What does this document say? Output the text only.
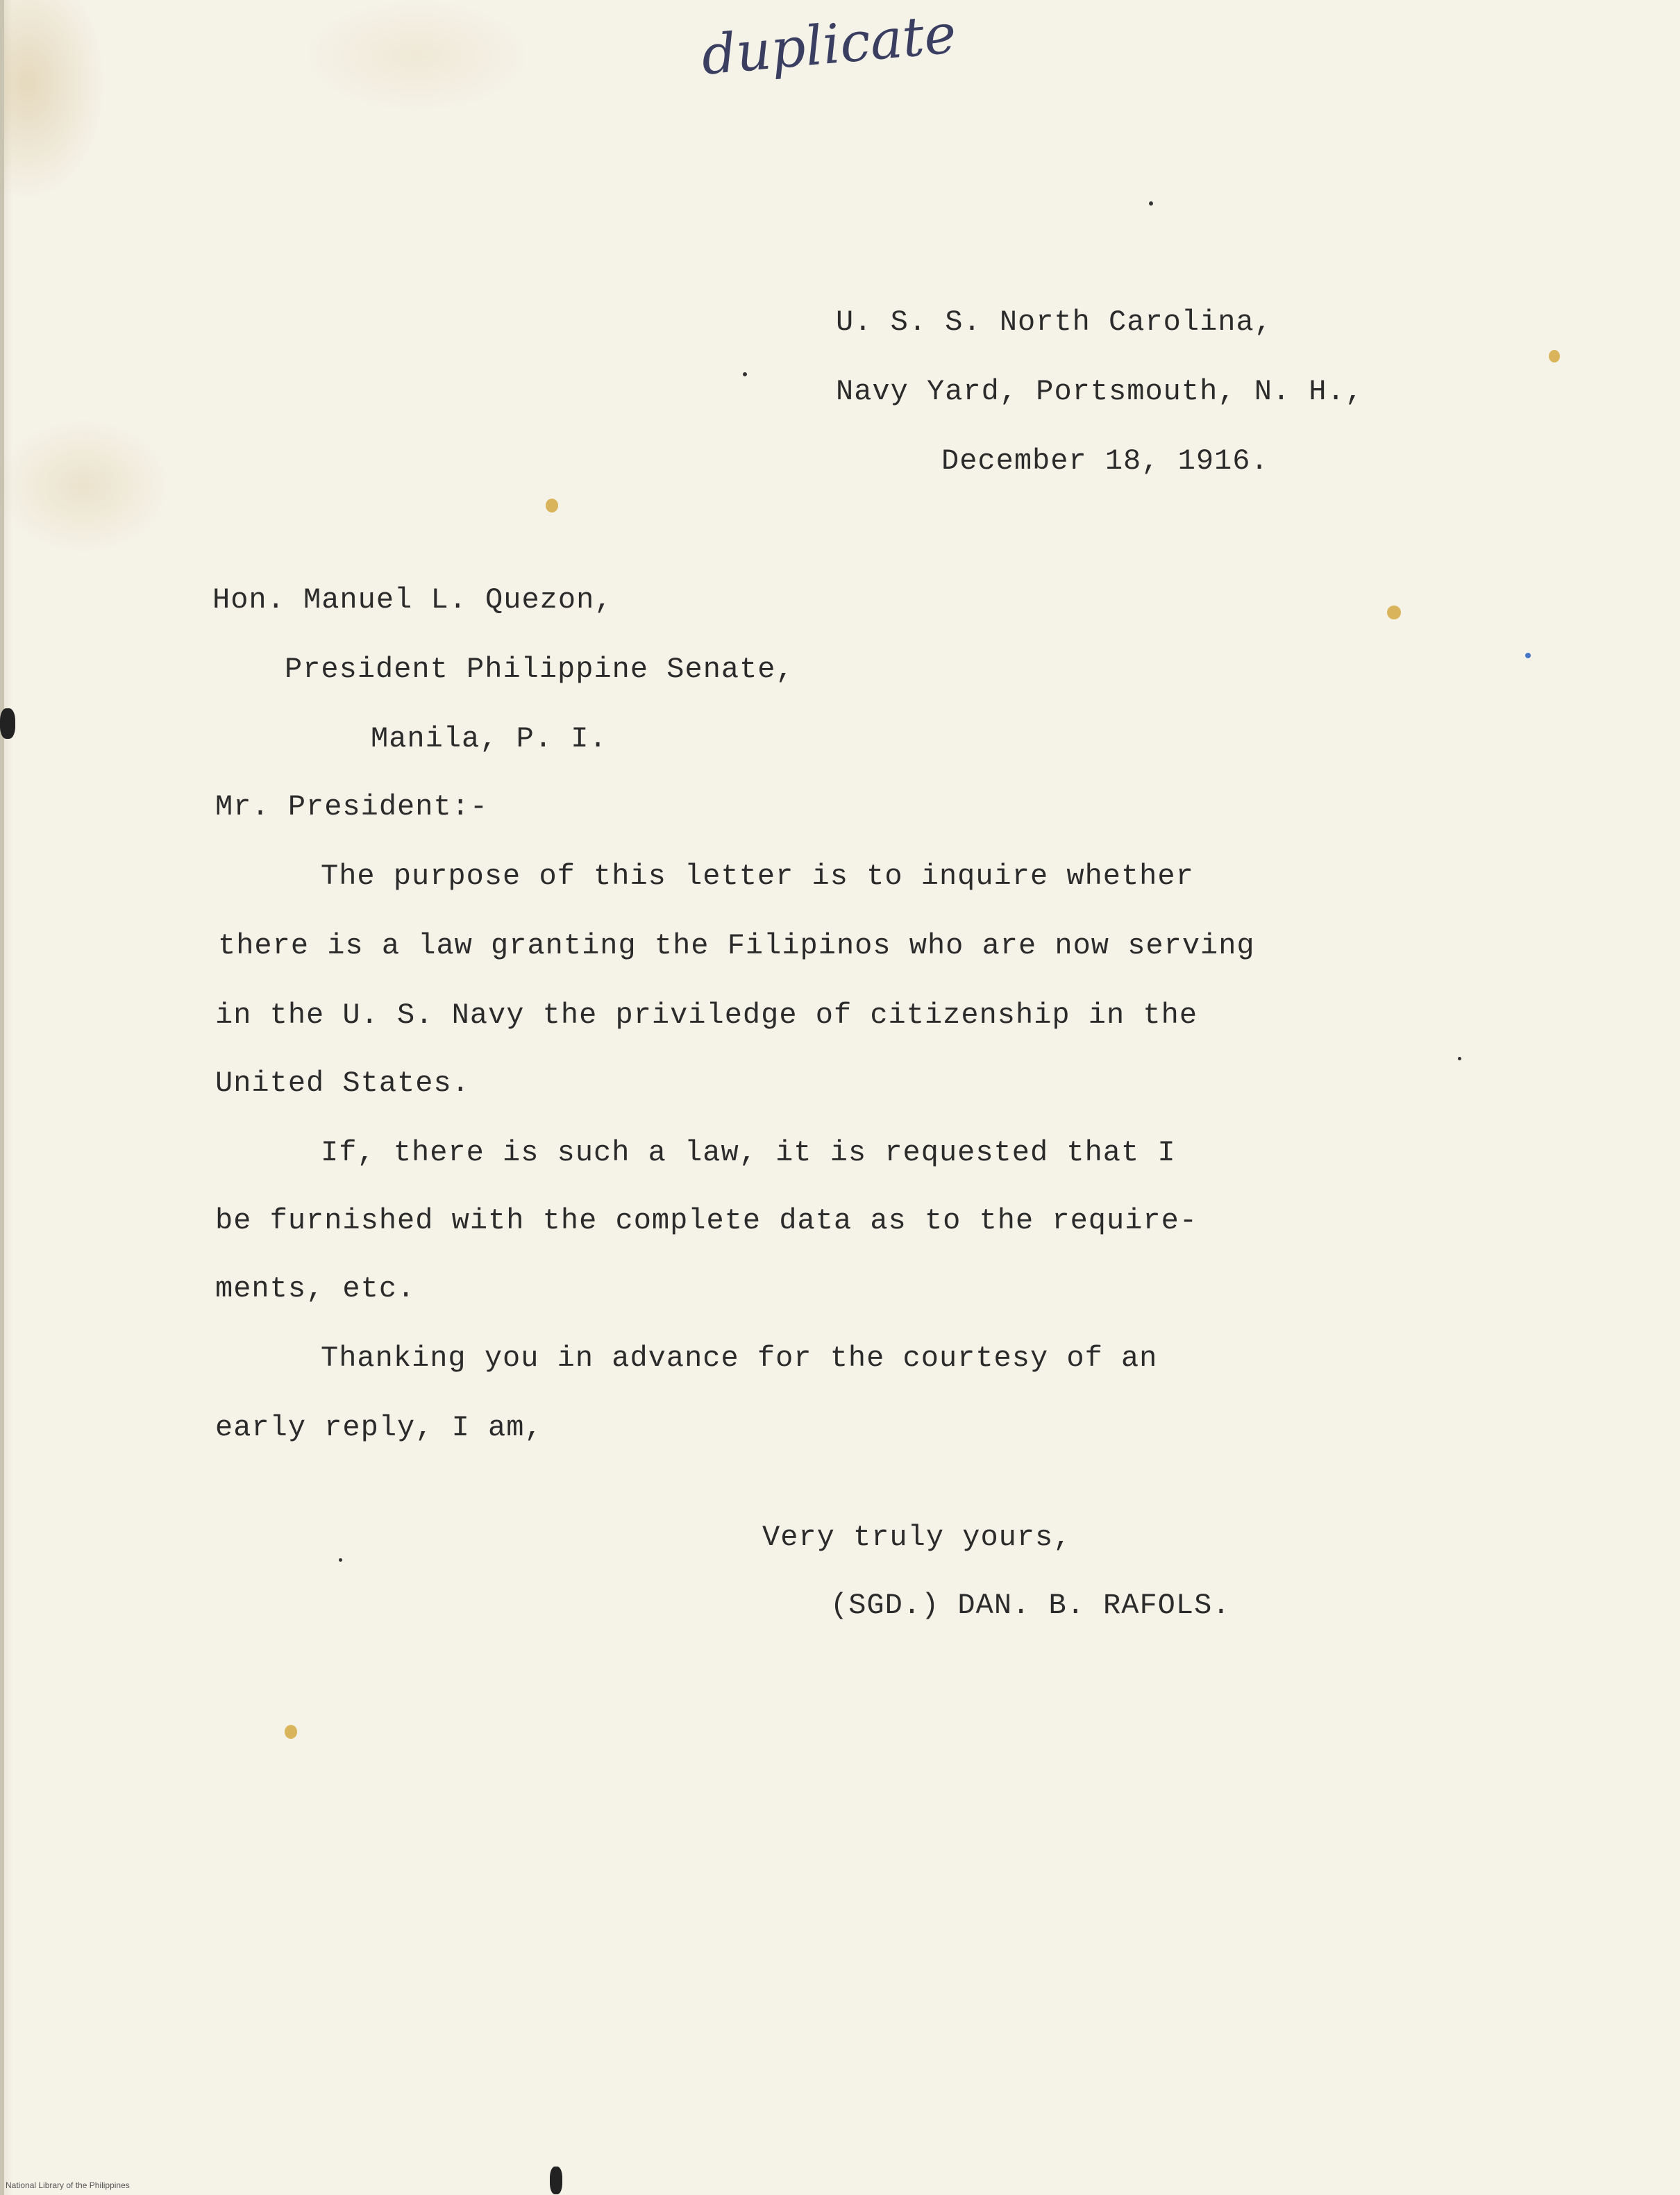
duplicate
U. S. S. North Carolina,
Navy Yard, Portsmouth, N. H.,
December 18, 1916.
Hon. Manuel L. Quezon,
President Philippine Senate,
Manila, P. I.
Mr. President:-
The purpose of this letter is to inquire whether
there is a law granting the Filipinos who are now serving
in the U. S. Navy the priviledge of citizenship in the
United States.
If, there is such a law, it is requested that I
be furnished with the complete data as to the require-
ments, etc.
Thanking you in advance for the courtesy of an
early reply, I am,
Very truly yours,
(SGD.) DAN. B. RAFOLS.
National Library of the Philippines
